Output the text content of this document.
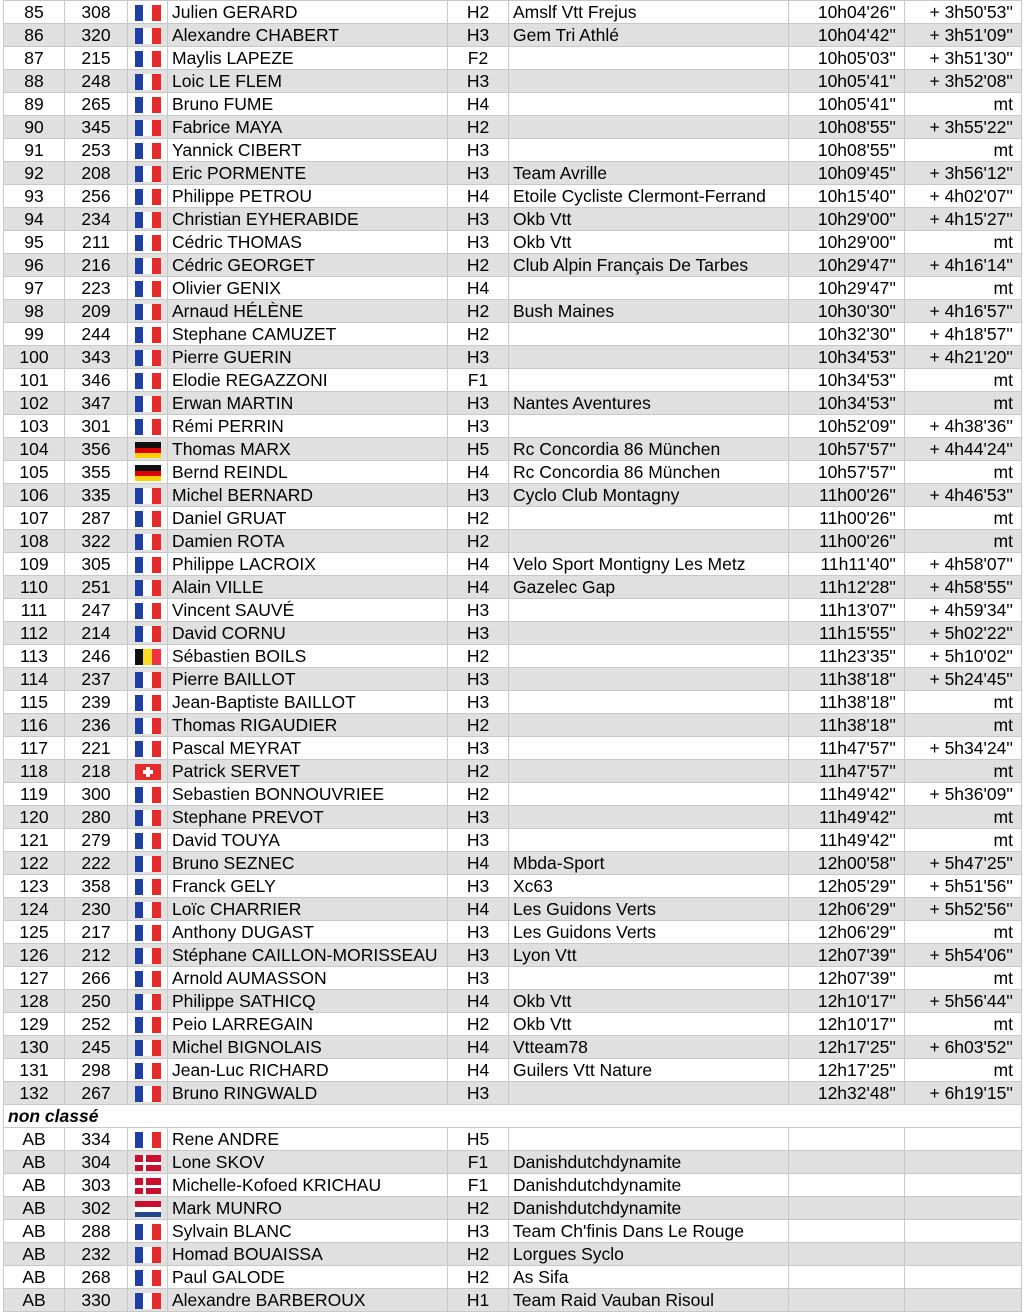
85	308		Julien GERARD	H2	Amslf Vtt Frejus	10h04'26''	+ 3h50'53''
86	320		Alexandre CHABERT	H3	Gem Tri Athlé	10h04'42''	+ 3h51'09''
87	215		Maylis LAPEZE	F2		10h05'03''	+ 3h51'30''
88	248		Loic LE FLEM	H3		10h05'41''	+ 3h52'08''
89	265		Bruno FUME	H4		10h05'41''	mt
90	345		Fabrice MAYA	H2		10h08'55''	+ 3h55'22''
91	253		Yannick CIBERT	H3		10h08'55''	mt
92	208		Eric PORMENTE	H3	Team Avrille	10h09'45''	+ 3h56'12''
93	256		Philippe PETROU	H4	Etoile Cycliste Clermont-Ferrand	10h15'40''	+ 4h02'07''
94	234		Christian EYHERABIDE	H3	Okb Vtt	10h29'00''	+ 4h15'27''
95	211		Cédric THOMAS	H3	Okb Vtt	10h29'00''	mt
96	216		Cédric GEORGET	H2	Club Alpin Français De Tarbes	10h29'47''	+ 4h16'14''
97	223		Olivier GENIX	H4		10h29'47''	mt
98	209		Arnaud HÉLÈNE	H2	Bush Maines	10h30'30''	+ 4h16'57''
99	244		Stephane CAMUZET	H2		10h32'30''	+ 4h18'57''
100	343		Pierre GUERIN	H3		10h34'53''	+ 4h21'20''
101	346		Elodie REGAZZONI	F1		10h34'53''	mt
102	347		Erwan MARTIN	H3	Nantes Aventures	10h34'53''	mt
103	301		Rémi PERRIN	H3		10h52'09''	+ 4h38'36''
104	356		Thomas MARX	H5	Rc Concordia 86 München	10h57'57''	+ 4h44'24''
105	355		Bernd REINDL	H4	Rc Concordia 86 München	10h57'57''	mt
106	335		Michel BERNARD	H3	Cyclo Club Montagny	11h00'26''	+ 4h46'53''
107	287		Daniel GRUAT	H2		11h00'26''	mt
108	322		Damien ROTA	H2		11h00'26''	mt
109	305		Philippe LACROIX	H4	Velo Sport Montigny Les Metz	11h11'40''	+ 4h58'07''
110	251		Alain VILLE	H4	Gazelec Gap	11h12'28''	+ 4h58'55''
111	247		Vincent SAUVÉ	H3		11h13'07''	+ 4h59'34''
112	214		David CORNU	H3		11h15'55''	+ 5h02'22''
113	246		Sébastien BOILS	H2		11h23'35''	+ 5h10'02''
114	237		Pierre BAILLOT	H3		11h38'18''	+ 5h24'45''
115	239		Jean-Baptiste BAILLOT	H3		11h38'18''	mt
116	236		Thomas RIGAUDIER	H2		11h38'18''	mt
117	221		Pascal MEYRAT	H3		11h47'57''	+ 5h34'24''
118	218		Patrick SERVET	H2		11h47'57''	mt
119	300		Sebastien BONNOUVRIEE	H2		11h49'42''	+ 5h36'09''
120	280		Stephane PREVOT	H3		11h49'42''	mt
121	279		David TOUYA	H3		11h49'42''	mt
122	222		Bruno SEZNEC	H4	Mbda-Sport	12h00'58''	+ 5h47'25''
123	358		Franck GELY	H3	Xc63	12h05'29''	+ 5h51'56''
124	230		Loïc CHARRIER	H4	Les Guidons Verts	12h06'29''	+ 5h52'56''
125	217		Anthony DUGAST	H3	Les Guidons Verts	12h06'29''	mt
126	212		Stéphane CAILLON-MORISSEAU	H3	Lyon Vtt	12h07'39''	+ 5h54'06''
127	266		Arnold AUMASSON	H3		12h07'39''	mt
128	250		Philippe SATHICQ	H4	Okb Vtt	12h10'17''	+ 5h56'44''
129	252		Peio LARREGAIN	H2	Okb Vtt	12h10'17''	mt
130	245		Michel BIGNOLAIS	H4	Vtteam78	12h17'25''	+ 6h03'52''
131	298		Jean-Luc RICHARD	H4	Guilers Vtt Nature	12h17'25''	mt
132	267		Bruno RINGWALD	H3		12h32'48''	+ 6h19'15''
non classé							
AB	334		Rene ANDRE	H5			
AB	304		Lone SKOV	F1	Danishdutchdynamite		
AB	303		Michelle-Kofoed KRICHAU	F1	Danishdutchdynamite		
AB	302		Mark MUNRO	H2	Danishdutchdynamite		
AB	288		Sylvain BLANC	H3	Team Ch'finis Dans Le Rouge		
AB	232		Homad BOUAISSA	H2	Lorgues Syclo		
AB	268		Paul GALODE	H2	As Sifa		
AB	330		Alexandre BARBEROUX	H1	Team Raid Vauban Risoul		
